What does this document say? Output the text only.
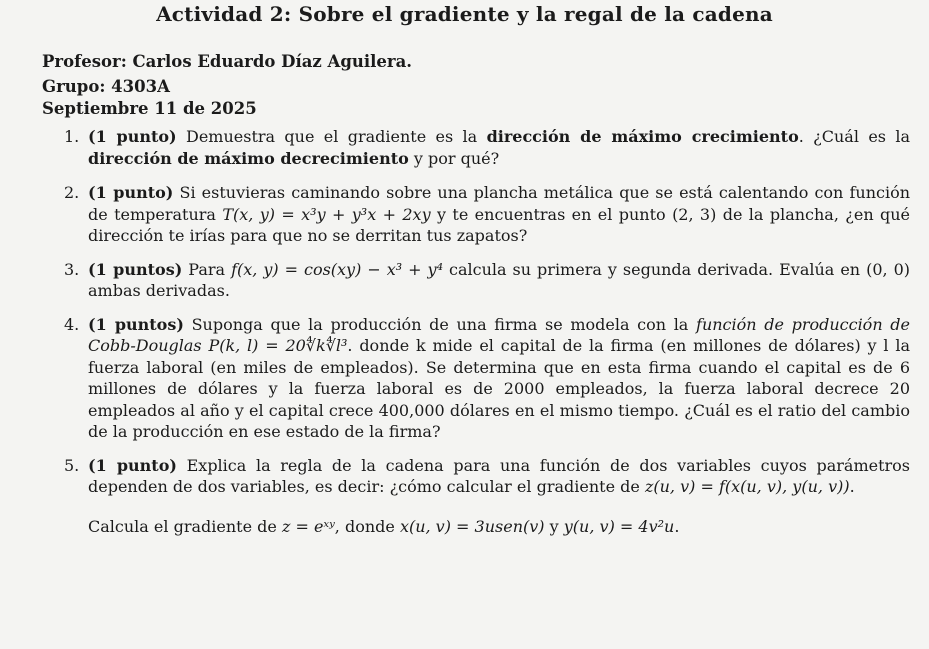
Actividad 2: Sobre el gradiente y la regal de la cadena
Profesor: Carlos Eduardo Díaz Aguilera.
Grupo: 4303A
Septiembre 11 de 2025
1. (1 punto) Demuestra que el gradiente es la dirección de máximo crecimiento. ¿Cuál es la dirección de máximo decrecimiento y por qué?
2. (1 punto) Si estuvieras caminando sobre una plancha metálica que se está calentando con función de temperatura T(x, y) = x³y + y³x + 2xy y te encuentras en el punto (2, 3) de la plancha, ¿en qué dirección te irías para que no se derritan tus zapatos?
3. (1 puntos) Para f(x, y) = cos(xy) − x³ + y⁴ calcula su primera y segunda derivada. Evalúa en (0, 0) ambas derivadas.
4. (1 puntos) Suponga que la producción de una firma se modela con la función de producción de Cobb-Douglas P(k, l) = 20∜k∜l³. donde k mide el capital de la firma (en millones de dólares) y l la fuerza laboral (en miles de empleados). Se determina que en esta firma cuando el capital es de 6 millones de dólares y la fuerza laboral es de 2000 empleados, la fuerza laboral decrece 20 empleados al año y el capital crece 400,000 dólares en el mismo tiempo. ¿Cuál es el ratio del cambio de la producción en ese estado de la firma?
5. (1 punto) Explica la regla de la cadena para una función de dos variables cuyos parámetros dependen de dos variables, es decir: ¿cómo calcular el gradiente de z(u, v) = f(x(u, v), y(u, v)).
Calcula el gradiente de z = eˣʸ, donde x(u, v) = 3usen(v) y y(u, v) = 4v²u.
